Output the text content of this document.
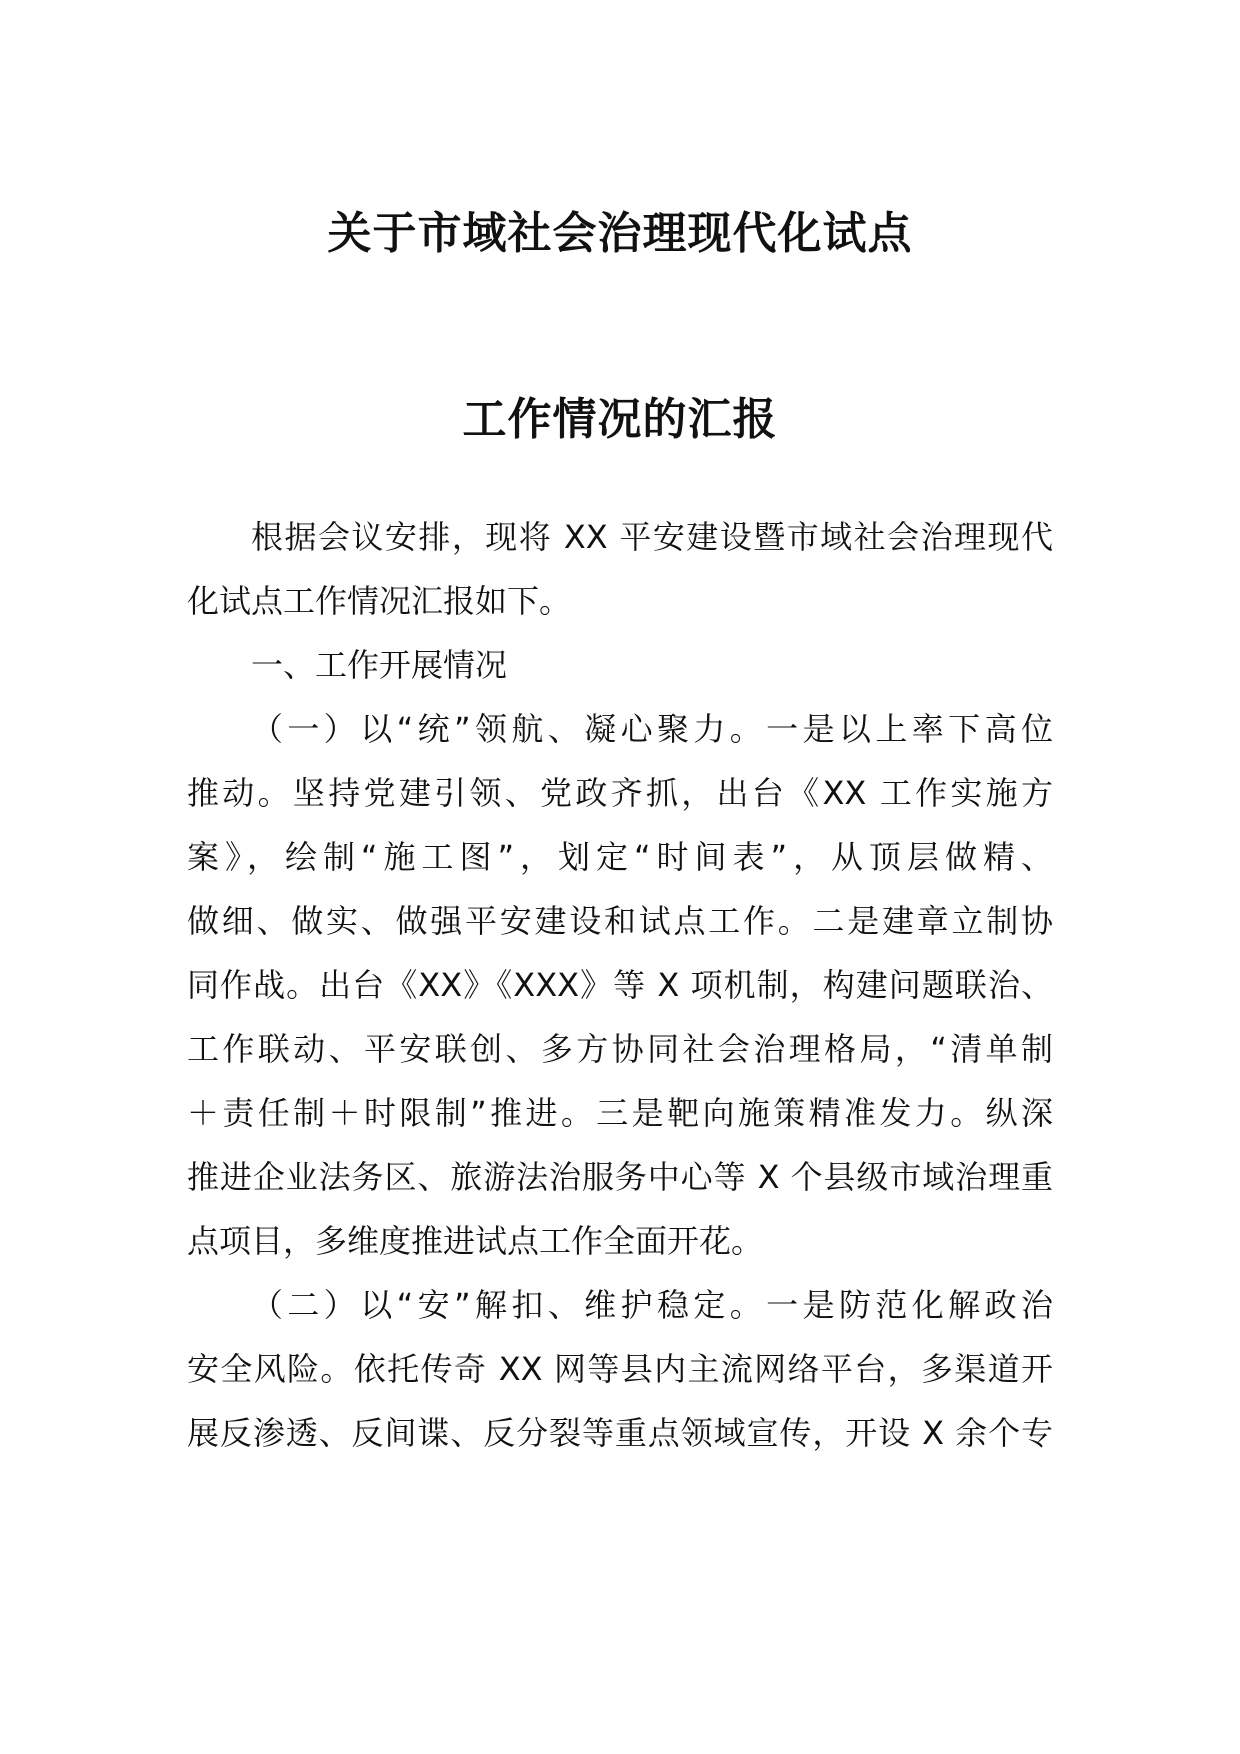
关于市域社会治理现代化试点
工作情况的汇报
根据会议安排，现将 XX 平安建设暨市域社会治理现代
化试点工作情况汇报如下。
一、工作开展情况
（一）以“统”领航、凝心聚力。一是以上率下高位
推动。坚持党建引领、党政齐抓，出台《XX 工作实施方
案》，绘制“施工图”，划定“时间表”，从顶层做精、
做细、做实、做强平安建设和试点工作。二是建章立制协
同作战。出台《XX》《XXX》等 X 项机制，构建问题联治、
工作联动、平安联创、多方协同社会治理格局，“清单制
＋责任制＋时限制”推进。三是靶向施策精准发力。纵深
推进企业法务区、旅游法治服务中心等 X 个县级市域治理重
点项目，多维度推进试点工作全面开花。
（二）以“安”解扣、维护稳定。一是防范化解政治
安全风险。依托传奇 XX 网等县内主流网络平台，多渠道开
展反渗透、反间谍、反分裂等重点领域宣传，开设 X 余个专
